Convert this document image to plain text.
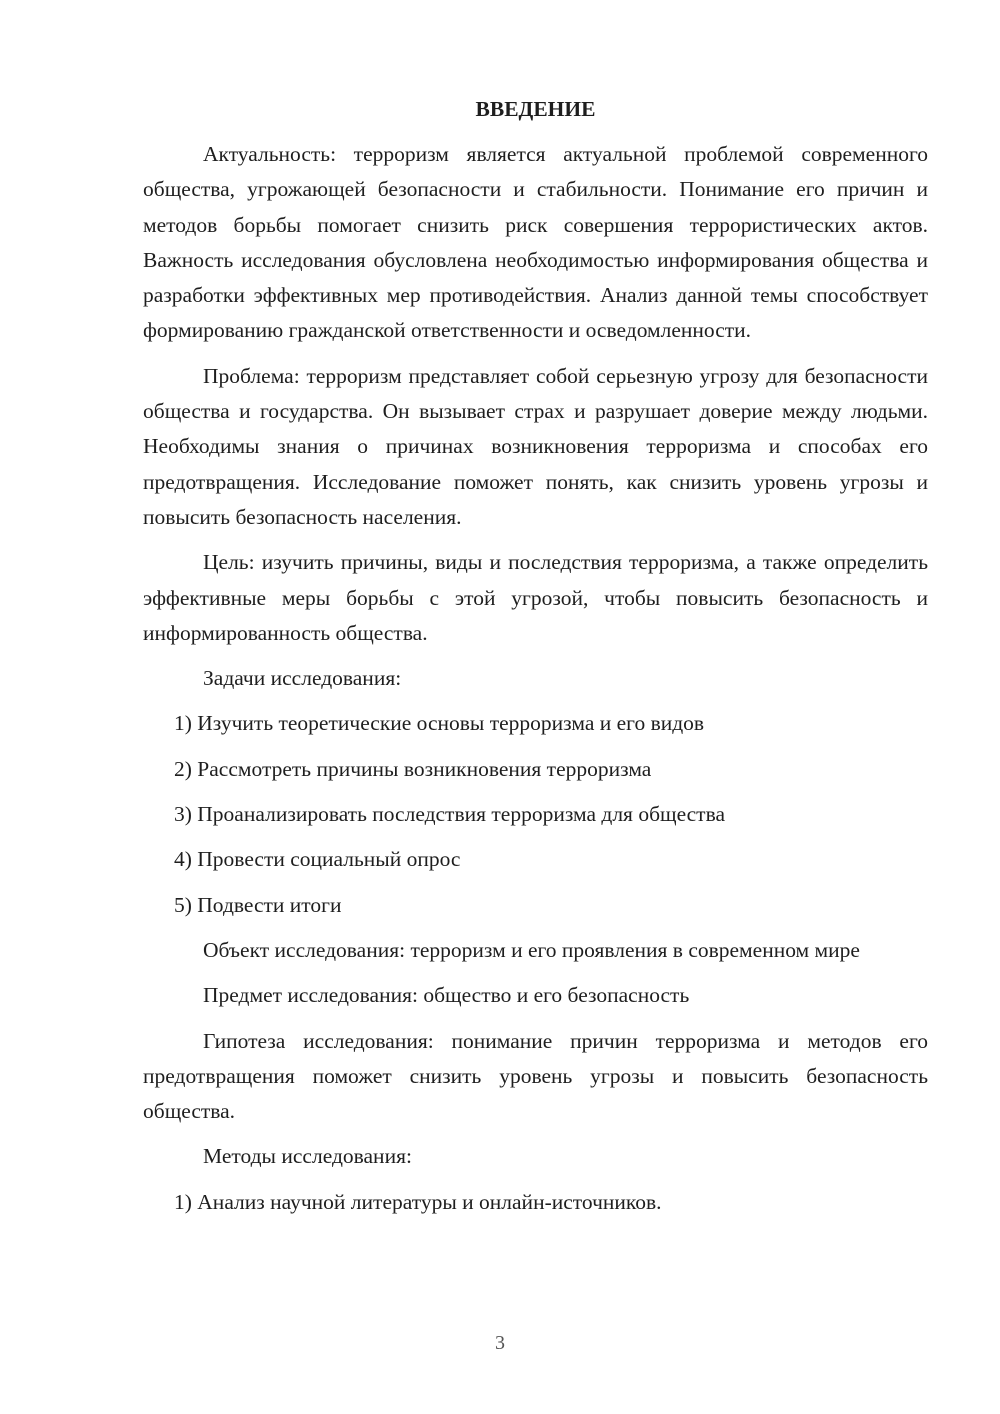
ВВЕДЕНИЕ
Актуальность: терроризм является актуальной проблемой современного общества, угрожающей безопасности и стабильности. Понимание его причин и методов борьбы помогает снизить риск совершения террористических актов. Важность исследования обусловлена необходимостью информирования общества и разработки эффективных мер противодействия. Анализ данной темы способствует формированию гражданской ответственности и осведомленности.
Проблема: терроризм представляет собой серьезную угрозу для безопасности общества и государства. Он вызывает страх и разрушает доверие между людьми. Необходимы знания о причинах возникновения терроризма и способах его предотвращения. Исследование поможет понять, как снизить уровень угрозы и повысить безопасность населения.
Цель: изучить причины, виды и последствия терроризма, а также определить эффективные меры борьбы с этой угрозой, чтобы повысить безопасность и информированность общества.
Задачи исследования:
1) Изучить теоретические основы терроризма и его видов
2) Рассмотреть причины возникновения терроризма
3) Проанализировать последствия терроризма для общества
4) Провести социальный опрос
5) Подвести итоги
Объект исследования: терроризм и его проявления в современном мире
Предмет исследования: общество и его безопасность
Гипотеза исследования: понимание причин терроризма и методов его предотвращения поможет снизить уровень угрозы и повысить безопасность общества.
Методы исследования:
1) Анализ научной литературы и онлайн-источников.
3
